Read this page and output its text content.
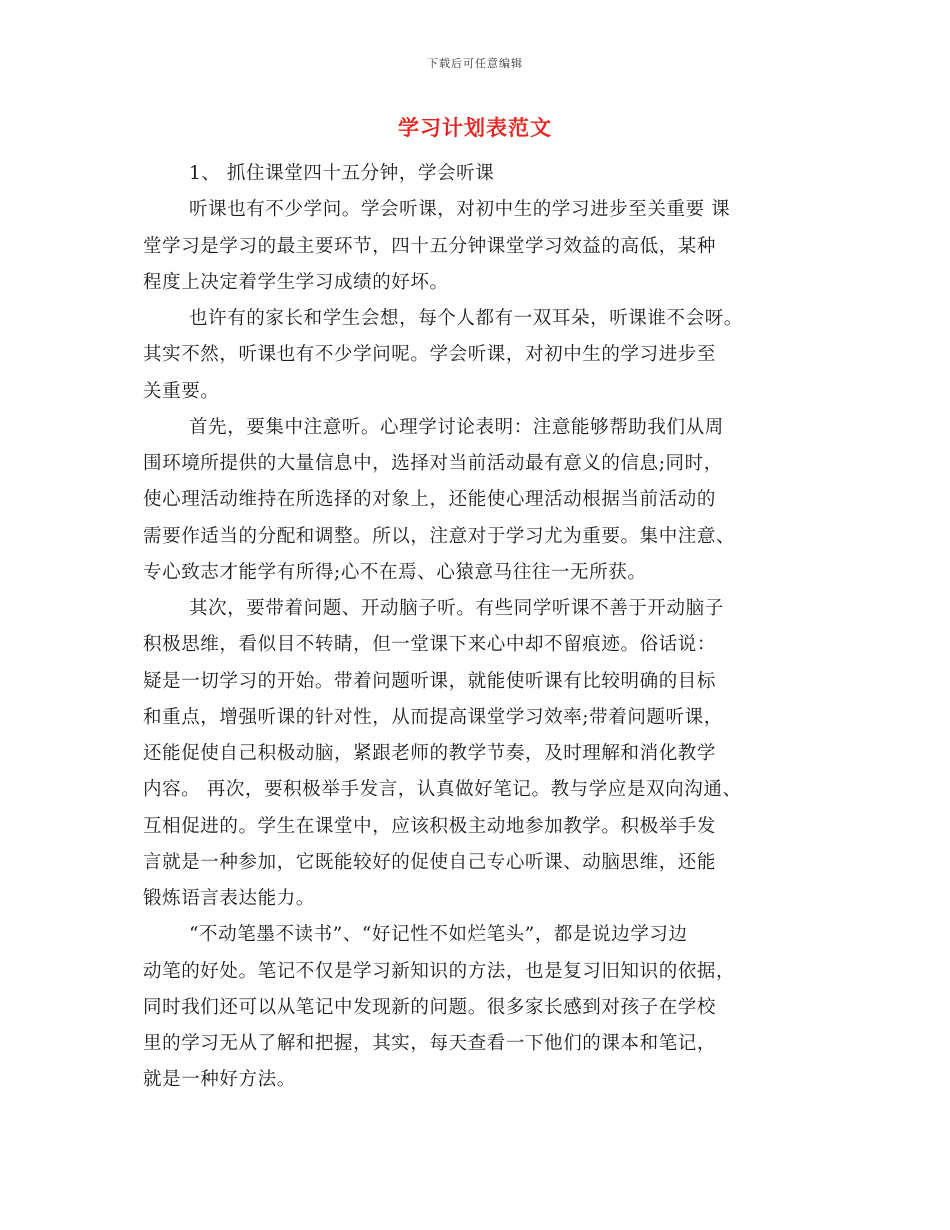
下载后可任意编辑
学习计划表范文
1、 抓住课堂四十五分钟，学会听课
听课也有不少学问。学会听课，对初中生的学习进步至关重要 课
堂学习是学习的最主要环节，四十五分钟课堂学习效益的高低，某种
程度上决定着学生学习成绩的好坏。
也许有的家长和学生会想，每个人都有一双耳朵，听课谁不会呀。
其实不然，听课也有不少学问呢。学会听课，对初中生的学习进步至
关重要。
首先，要集中注意听。心理学讨论表明：注意能够帮助我们从周
围环境所提供的大量信息中，选择对当前活动最有意义的信息;同时，
使心理活动维持在所选择的对象上，还能使心理活动根据当前活动的
需要作适当的分配和调整。所以，注意对于学习尤为重要。集中注意、
专心致志才能学有所得;心不在焉、心猿意马往往一无所获。
其次，要带着问题、开动脑子听。有些同学听课不善于开动脑子
积极思维，看似目不转睛，但一堂课下来心中却不留痕迹。俗话说：
疑是一切学习的开始。带着问题听课，就能使听课有比较明确的目标
和重点，增强听课的针对性，从而提高课堂学习效率;带着问题听课，
还能促使自己积极动脑，紧跟老师的教学节奏，及时理解和消化教学
内容。 再次，要积极举手发言，认真做好笔记。教与学应是双向沟通、
互相促进的。学生在课堂中，应该积极主动地参加教学。积极举手发
言就是一种参加，它既能较好的促使自己专心听课、动脑思维，还能
锻炼语言表达能力。
“不动笔墨不读书”、“好记性不如烂笔头”，都是说边学习边
动笔的好处。笔记不仅是学习新知识的方法，也是复习旧知识的依据，
同时我们还可以从笔记中发现新的问题。很多家长感到对孩子在学校
里的学习无从了解和把握，其实，每天查看一下他们的课本和笔记，
就是一种好方法。
